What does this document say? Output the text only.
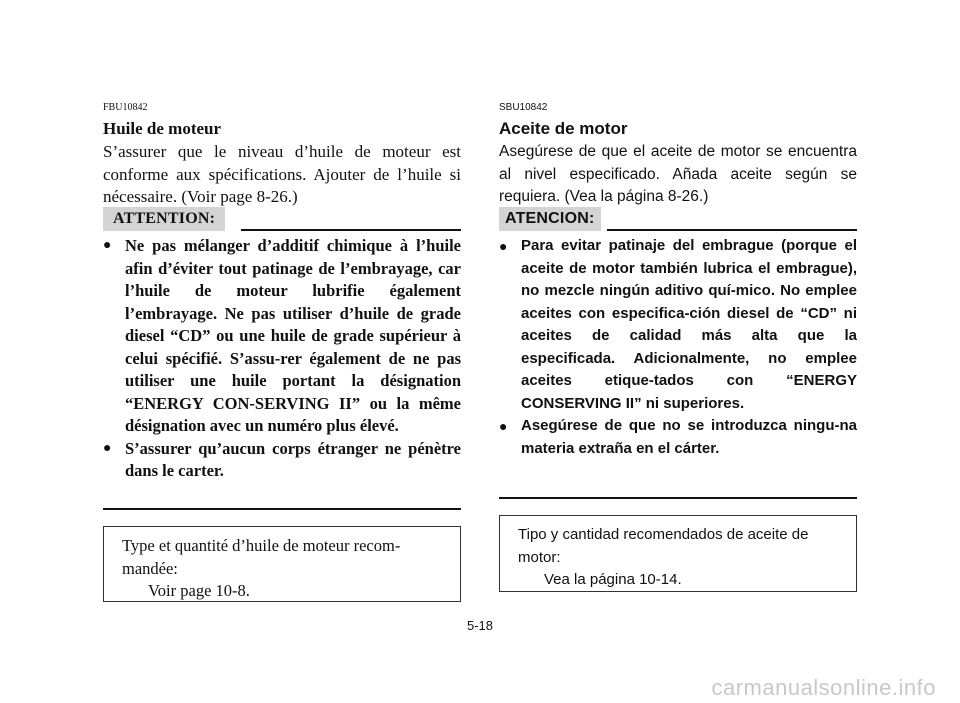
FBU10842
Huile de moteur

S’assurer que le niveau d’huile de moteur est conforme aux spécifications. Ajouter de l’huile si nécessaire. (Voir page 8-26.)

ATTENTION:
● Ne pas mélanger d’additif chimique à l’huile afin d’éviter tout patinage de l’embrayage, car l’huile de moteur lubrifie également l’embrayage. Ne pas utiliser d’huile de grade diesel “CD” ou une huile de grade supérieur à celui spécifié. S’assu-rer également de ne pas utiliser une huile portant la désignation “ENERGY CON-SERVING II” ou la même désignation avec un numéro plus élevé.
● S’assurer qu’aucun corps étranger ne pénètre dans le carter.
Type et quantité d’huile de moteur recom-mandée:
Voir page 10-8.
SBU10842
Aceite de motor

Asegúrese de que el aceite de motor se encuentra al nivel especificado. Añada aceite según se requiera. (Vea la página 8-26.)

ATENCION:
● Para evitar patinaje del embrague (porque el aceite de motor también lubrica el embrague), no mezcle ningún aditivo quí-mico. No emplee aceites con especifica-ción diesel de “CD” ni aceites de calidad más alta que la especificada. Adicionalmente, no emplee aceites etique-tados con “ENERGY CONSERVING II” ni superiores.
● Asegúrese de que no se introduzca ningu-na materia extraña en el cárter.
Tipo y cantidad recomendados de aceite de motor:
Vea la página 10-14.
5-18
carmanualsonline.info
